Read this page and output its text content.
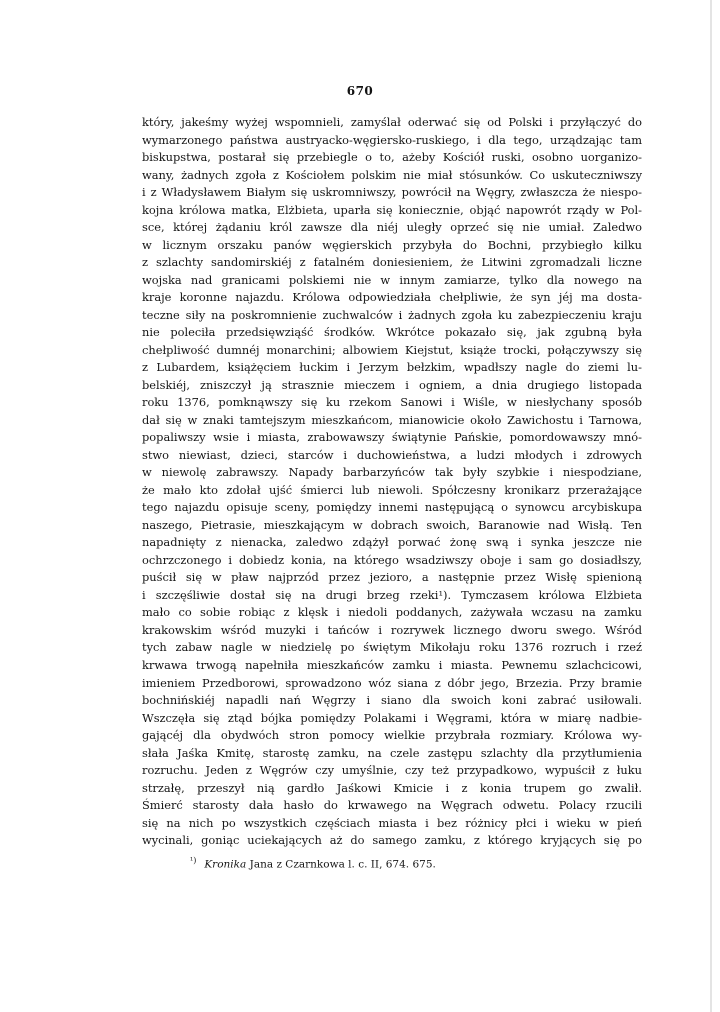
670
który, jakeśmy wyżej wspomnieli, zamyślał oderwać się od Polski i przyłączyć do
wymarzonego państwa austryacko-węgiersko-ruskiego, i dla tego, urządzając tam
biskupstwa, postarał się przebiegle o to, ażeby Kościół ruski, osobno uorganizo-
wany, żadnych zgoła z Kościołem polskim nie miał stósunków. Co uskuteczniwszy
i z Władysławem Białym się uskromniwszy, powrócił na Węgry, zwłaszcza że niespo-
kojna królowa matka, Elżbieta, uparła się koniecznie, objąć napowrót rządy w Pol-
sce, której żądaniu król zawsze dla niéj uległy oprzeć się nie umiał. Zaledwo
w licznym orszaku panów węgierskich przybyła do Bochni, przybiegło kilku
z szlachty sandomirskiéj z fatalném doniesieniem, że Litwini zgromadzali liczne
wojska nad granicami polskiemi nie w innym zamiarze, tylko dla nowego na
kraje koronne najazdu. Królowa odpowiedziała chełpliwie, że syn jéj ma dosta-
teczne siły na poskromnienie zuchwalców i żadnych zgoła ku zabezpieczeniu kraju
nie poleciła przedsięwziąść środków. Wkrótce pokazało się, jak zgubną była
chełpliwość dumnéj monarchini; albowiem Kiejstut, książe trocki, połączywszy się
z Lubardem, książęciem łuckim i Jerzym bełzkim, wpadłszy nagle do ziemi lu-
belskiéj, zniszczył ją strasznie mieczem i ogniem, a dnia drugiego listopada
roku 1376, pomknąwszy się ku rzekom Sanowi i Wiśle, w niesłychany sposób
dał się w znaki tamtejszym mieszkańcom, mianowicie około Zawichostu i Tarnowa,
popaliwszy wsie i miasta, zrabowawszy świątynie Pańskie, pomordowawszy mnó-
stwo niewiast, dzieci, starców i duchowieństwa, a ludzi młodych i zdrowych
w niewolę zabrawszy. Napady barbarzyńców tak były szybkie i niespodziane,
że mało kto zdołał ujść śmierci lub niewoli. Spółczesny kronikarz przerażające
tego najazdu opisuje sceny, pomiędzy innemi następującą o synowcu arcybiskupa
naszego, Pietrasie, mieszkającym w dobrach swoich, Baranowie nad Wisłą. Ten
napadnięty z nienacka, zaledwo zdążył porwać żonę swą i synka jeszcze nie
ochrzczonego i dobiedz konia, na którego wsadziwszy oboje i sam go dosiadłszy,
puścił się w pław najprzód przez jezioro, a następnie przez Wisłę spienioną
i szczęśliwie dostał się na drugi brzeg rzeki¹). Tymczasem królowa Elżbieta
mało co sobie robiąc z klęsk i niedoli poddanych, zażywała wczasu na zamku
krakowskim wśród muzyki i tańców i rozrywek licznego dworu swego. Wśród
tych zabaw nagle w niedzielę po świętym Mikołaju roku 1376 rozruch i rzeź
krwawa trwogą napełniła mieszkańców zamku i miasta. Pewnemu szlachcicowi,
imieniem Przedborowi, sprowadzono wóz siana z dóbr jego, Brzezia. Przy bramie
bochnińskiéj napadli nań Węgrzy i siano dla swoich koni zabrać usiłowali.
Wszczęła się ztąd bójka pomiędzy Polakami i Węgrami, która w miarę nadbie-
gającéj dla obydwóch stron pomocy wielkie przybrała rozmiary. Królowa wy-
słała Jaśka Kmitę, starostę zamku, na czele zastępu szlachty dla przytłumienia
rozruchu. Jeden z Węgrów czy umyślnie, czy też przypadkowo, wypuścił z łuku
strzałę, przeszył nią gardło Jaśkowi Kmicie i z konia trupem go zwalił.
Śmierć starosty dała hasło do krwawego na Węgrach odwetu. Polacy rzucili
się na nich po wszystkich częściach miasta i bez różnicy płci i wieku w pień
wycinali, goniąc uciekających aż do samego zamku, z którego kryjących się po
$^{^1)}$ Kronika Jana z Czarnkowa l. c. II, 674. 675.
